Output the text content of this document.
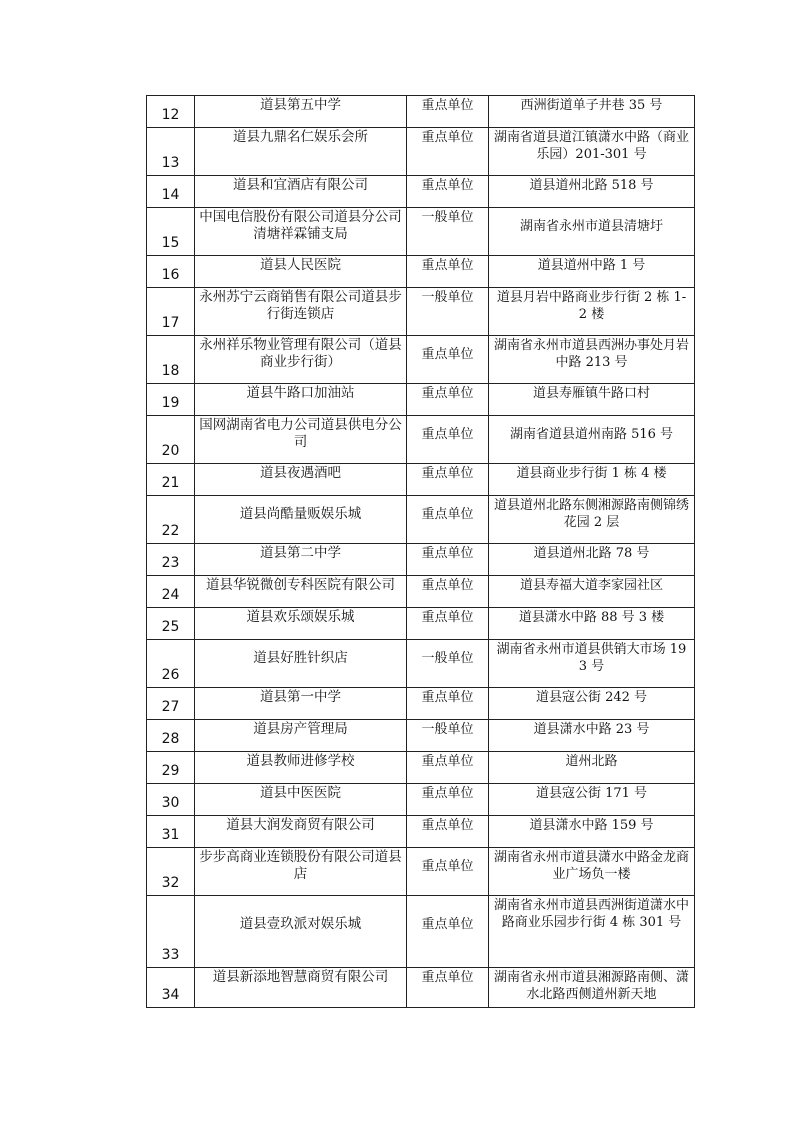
12	道县第五中学	重点单位	西洲街道单子井巷 35 号
13	道县九鼎名仁娱乐会所	重点单位	湖南省道县道江镇潇水中路（商业乐园）201-301 号
14	道县和宜酒店有限公司	重点单位	道县道州北路 518 号
15	中国电信股份有限公司道县分公司清塘祥霖铺支局	一般单位	湖南省永州市道县清塘圩
16	道县人民医院	重点单位	道县道州中路 1 号
17	永州苏宁云商销售有限公司道县步行街连锁店	一般单位	道县月岩中路商业步行街 2 栋 1-2 楼
18	永州祥乐物业管理有限公司（道县商业步行街）	重点单位	湖南省永州市道县西洲办事处月岩中路 213 号
19	道县牛路口加油站	重点单位	道县寿雁镇牛路口村
20	国网湖南省电力公司道县供电分公司	重点单位	湖南省道县道州南路 516 号
21	道县夜遇酒吧	重点单位	道县商业步行街 1 栋 4 楼
22	道县尚酷量贩娱乐城	重点单位	道县道州北路东侧湘源路南侧锦绣花园 2 层
23	道县第二中学	重点单位	道县道州北路 78 号
24	道县华锐微创专科医院有限公司	重点单位	道县寿福大道李家园社区
25	道县欢乐颂娱乐城	重点单位	道县潇水中路 88 号 3 楼
26	道县好胜针织店	一般单位	湖南省永州市道县供销大市场 193 号
27	道县第一中学	重点单位	道县寇公街 242 号
28	道县房产管理局	一般单位	道县潇水中路 23 号
29	道县教师进修学校	重点单位	道州北路
30	道县中医医院	重点单位	道县寇公街 171 号
31	道县大润发商贸有限公司	重点单位	道县潇水中路 159 号
32	步步高商业连锁股份有限公司道县店	重点单位	湖南省永州市道县潇水中路金龙商业广场负一楼
33	道县壹玖派对娱乐城	重点单位	湖南省永州市道县西洲街道潇水中路商业乐园步行街 4 栋 301 号
34	道县新添地智慧商贸有限公司	重点单位	湖南省永州市道县湘源路南侧、潇水北路西侧道州新天地
